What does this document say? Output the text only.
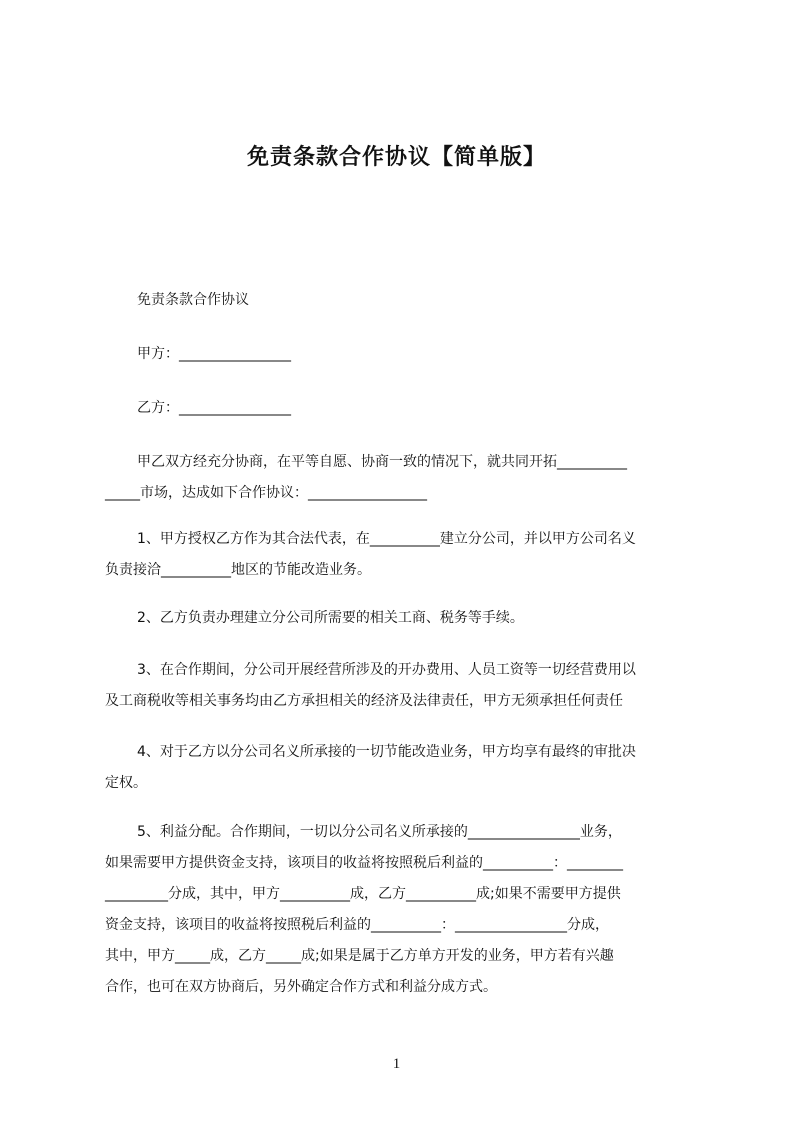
免责条款合作协议【简单版】
免责条款合作协议
甲方：________________
乙方：________________
甲乙双方经充分协商，在平等自愿、协商一致的情况下，就共同开拓__________
_____市场，达成如下合作协议：_________________
1、甲方授权乙方作为其合法代表，在__________建立分公司，并以甲方公司名义
负责接洽__________地区的节能改造业务。
2、乙方负责办理建立分公司所需要的相关工商、税务等手续。
3、在合作期间，分公司开展经营所涉及的开办费用、人员工资等一切经营费用以
及工商税收等相关事务均由乙方承担相关的经济及法律责任，甲方无须承担任何责任
4、对于乙方以分公司名义所承接的一切节能改造业务，甲方均享有最终的审批决
定权。
5、利益分配。合作期间，一切以分公司名义所承接的________________业务，
如果需要甲方提供资金支持，该项目的收益将按照税后利益的__________：________
_________分成，其中，甲方__________成，乙方__________成;如果不需要甲方提供
资金支持，该项目的收益将按照税后利益的__________：________________分成，
其中，甲方_____成，乙方_____成;如果是属于乙方单方开发的业务，甲方若有兴趣
合作，也可在双方协商后，另外确定合作方式和利益分成方式。
1
